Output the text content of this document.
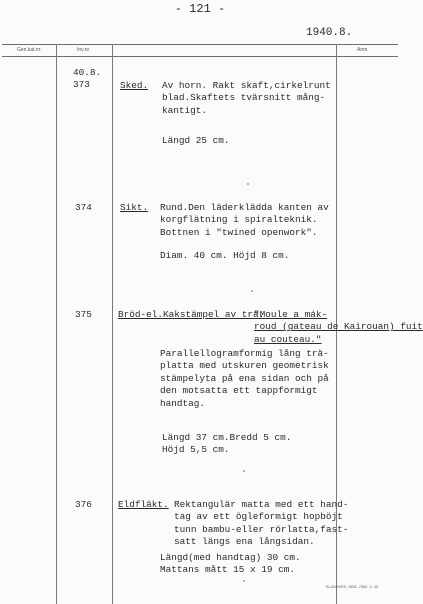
- 121 -
1940.8.
Gen.kat.nr.	Inv.nr.	Anm.
40.8.
373	Sked. Av horn. Rakt skaft,cirkelrunt
blad.Skaftets tvärsnitt mång-
kantigt.
Längd 25 cm.
374	Sikt. Rund.Den läderklädda kanten av
korgflätning i spiralteknik.
Bottnen i "twined openwork".
Diam. 40 cm. Höjd 8 cm.
375	Bröd-el.Kakstämpel av trä.
"Moule a mák-
roud (gateau de Kairouan) fuit
au couteau."
Parallellogramformig lång trä-
platta med utskuren geometrisk
stämpelyta på ena sidan och på
den motsatta ett tappformigt
handtag.
Längd 37 cm.Bredd 5 cm.
Höjd 5,5 cm.
376	Eldfläkt. Rektangulär matta med ett hand-
tag av ett öglеformigt hopböjt
tunn bambu-eller rörlatta,fast-
satt längs ena långsidan.
Längd(med handtag) 30 cm.
Mattans mått 15 x 19 cm.
ELANDERS. GBG. 7060. 3. 39.
